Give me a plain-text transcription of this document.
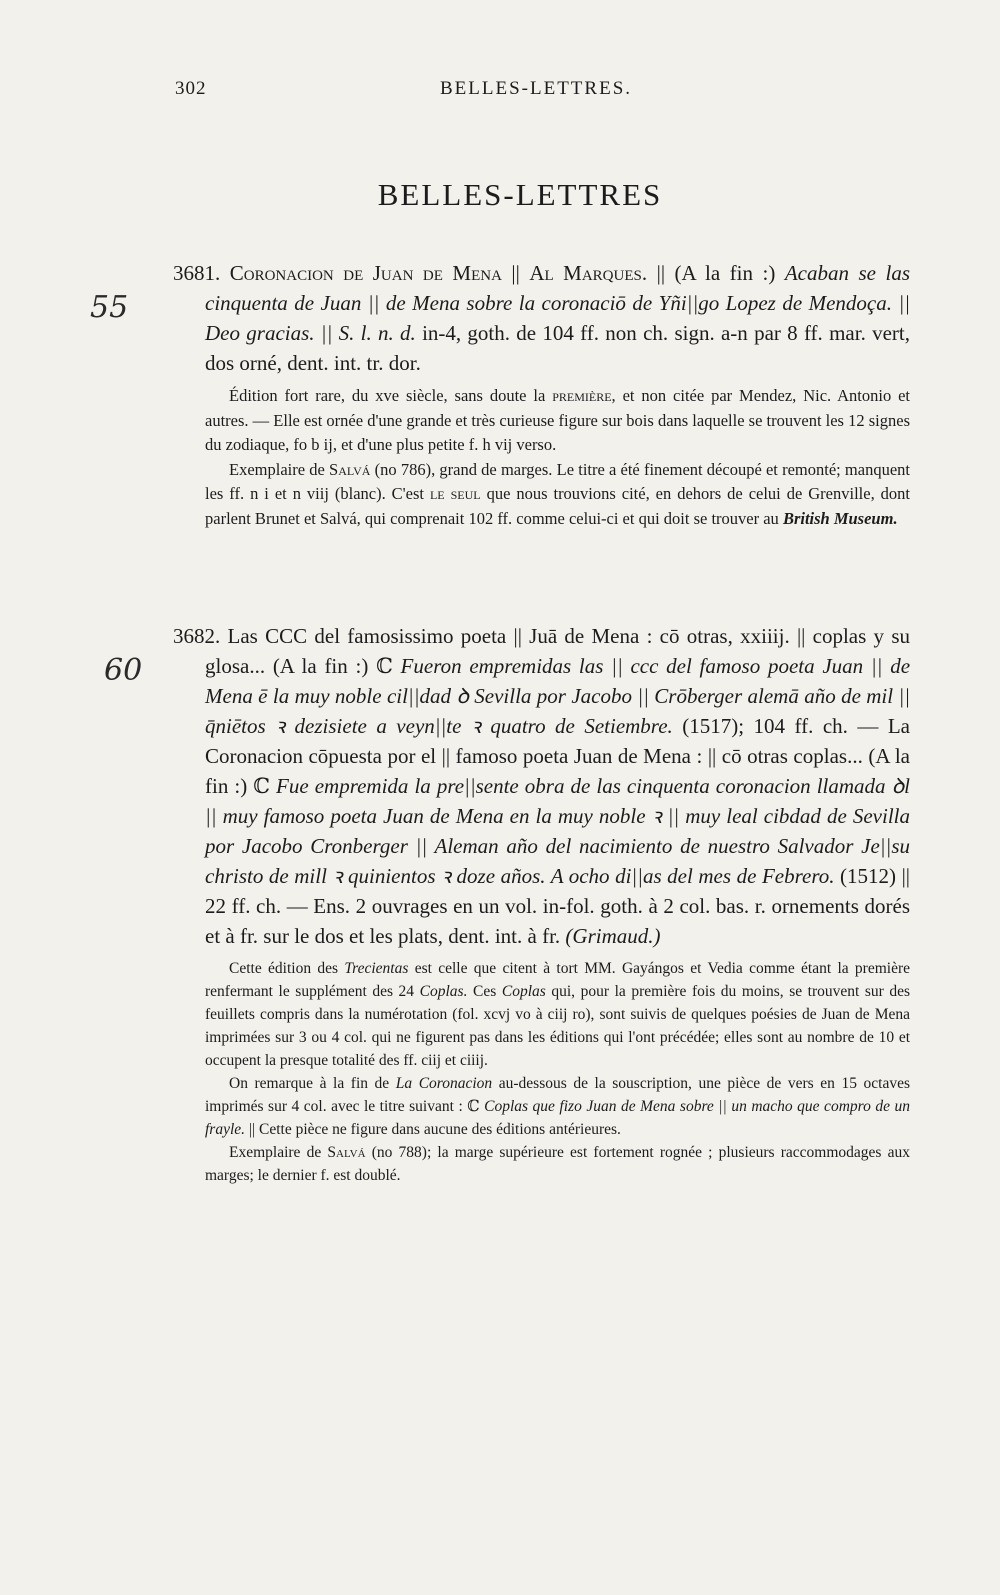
302	BELLES-LETTRES.
BELLES-LETTRES
55
60

3681. Coronacion de Juan de Mena || Al Marques. || (A la fin :) Acaban se las cinquenta de Juan || de Mena sobre la coronaciō de Yñi||go Lopez de Mendoça. || Deo gracias. || S. l. n. d. in-4, goth. de 104 ff. non ch. sign. a-n par 8 ff. mar. vert, dos orné, dent. int. tr. dor.

Édition fort rare, du xve siècle, sans doute la première, et non citée par Mendez, Nic. Antonio et autres. — Elle est ornée d'une grande et très curieuse figure sur bois dans laquelle se trouvent les 12 signes du zodiaque, fo b ij, et d'une plus petite f. h vij verso.

Exemplaire de Salvá (no 786), grand de marges. Le titre a été finement découpé et remonté; manquent les ff. n i et n viij (blanc). C'est le seul que nous trouvions cité, en dehors de celui de Grenville, dont parlent Brunet et Salvá, qui comprenait 102 ff. comme celui-ci et qui doit se trouver au British Museum.

3682. Las CCC del famosissimo poeta || Juā de Mena : cō otras, xxiiij. || coplas y su glosa... (A la fin :) ℂ Fueron empremidas las || ccc del famoso poeta Juan || de Mena ē la muy noble cil||dad ꝺ Sevilla por Jacobo || Crōberger alemā año de mil || q̄niētos ꝛ dezisiete a veyn||te ꝛ quatro de Setiembre. (1517); 104 ff. ch. — La Coronacion cōpuesta por el || famoso poeta Juan de Mena : || cō otras coplas... (A la fin :) ℂ Fue empremida la pre||sente obra de las cinquenta coronacion llamada ꝺl || muy famoso poeta Juan de Mena en la muy noble ꝛ || muy leal cibdad de Sevilla por Jacobo Cronberger || Aleman año del nacimiento de nuestro Salvador Je||su christo de mill ꝛ quinientos ꝛ doze años. A ocho di||as del mes de Febrero. (1512) || 22 ff. ch. — Ens. 2 ouvrages en un vol. in-fol. goth. à 2 col. bas. r. ornements dorés et à fr. sur le dos et les plats, dent. int. à fr. (Grimaud.)

Cette édition des Trecientas est celle que citent à tort MM. Gayángos et Vedia comme étant la première renfermant le supplément des 24 Coplas. Ces Coplas qui, pour la première fois du moins, se trouvent sur des feuillets compris dans la numérotation (fol. xcvj vo à ciij ro), sont suivis de quelques poésies de Juan de Mena imprimées sur 3 ou 4 col. qui ne figurent pas dans les éditions qui l'ont précédée; elles sont au nombre de 10 et occupent la presque totalité des ff. ciij et ciiij.

On remarque à la fin de La Coronacion au-dessous de la souscription, une pièce de vers en 15 octaves imprimés sur 4 col. avec le titre suivant : ℂ Coplas que fizo Juan de Mena sobre || un macho que compro de un frayle. || Cette pièce ne figure dans aucune des éditions antérieures.

Exemplaire de Salvá (no 788); la marge supérieure est fortement rognée ; plusieurs raccommodages aux marges; le dernier f. est doublé.
